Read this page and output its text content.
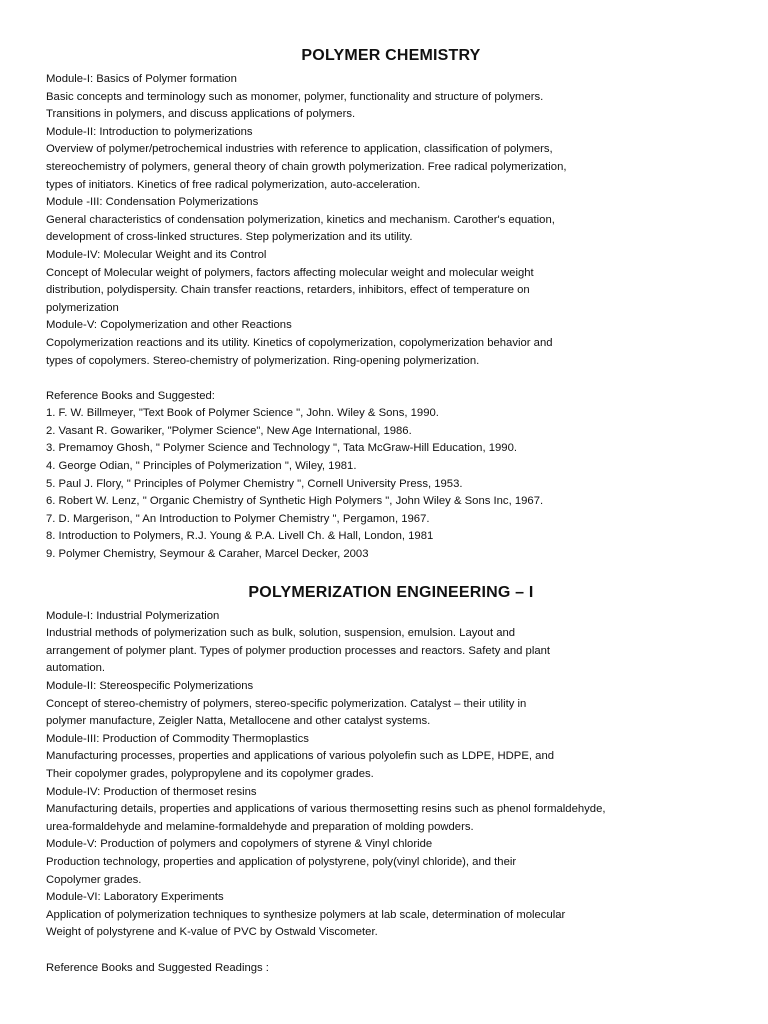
POLYMER CHEMISTRY
Module-I: Basics of Polymer formation
Basic concepts and terminology such as monomer, polymer, functionality and structure of polymers.
Transitions in polymers, and discuss applications of polymers.
Module-II: Introduction to polymerizations
Overview of polymer/petrochemical industries with reference to application, classification of polymers,
stereochemistry of polymers, general theory of chain growth polymerization. Free radical polymerization,
types of initiators. Kinetics of free radical polymerization, auto-acceleration.
Module -III: Condensation Polymerizations
General characteristics of condensation polymerization, kinetics and mechanism. Carother's equation,
development of cross-linked structures. Step polymerization and its utility.
Module-IV: Molecular Weight and its Control
Concept of Molecular weight of polymers, factors affecting molecular weight and molecular weight
distribution, polydispersity. Chain transfer reactions, retarders, inhibitors, effect of temperature on
polymerization
Module-V: Copolymerization and other Reactions
Copolymerization reactions and its utility. Kinetics of copolymerization, copolymerization behavior and
types of copolymers. Stereo-chemistry of polymerization. Ring-opening polymerization.
Reference Books and Suggested:
1. F. W. Billmeyer, "Text Book of Polymer Science ", John. Wiley & Sons, 1990.
2. Vasant R. Gowariker, "Polymer Science", New Age International, 1986.
3. Premamoy Ghosh, " Polymer Science and Technology ", Tata McGraw-Hill Education, 1990.
4. George Odian, " Principles of Polymerization ", Wiley, 1981.
5. Paul J. Flory, " Principles of Polymer Chemistry ", Cornell University Press, 1953.
6. Robert W. Lenz, " Organic Chemistry of Synthetic High Polymers ", John Wiley & Sons Inc, 1967.
7. D. Margerison, " An Introduction to Polymer Chemistry ", Pergamon, 1967.
8. Introduction to Polymers, R.J. Young & P.A. Livell Ch. & Hall, London, 1981
9. Polymer Chemistry, Seymour & Caraher, Marcel Decker, 2003
POLYMERIZATION ENGINEERING – I
Module-I: Industrial Polymerization
Industrial methods of polymerization such as bulk, solution, suspension, emulsion. Layout and
arrangement of polymer plant. Types of polymer production processes and reactors. Safety and plant
automation.
Module-II: Stereospecific Polymerizations
Concept of stereo-chemistry of polymers, stereo-specific polymerization. Catalyst – their utility in
polymer manufacture, Zeigler Natta, Metallocene and other catalyst systems.
Module-III: Production of Commodity Thermoplastics
Manufacturing processes, properties and applications of various polyolefin such as LDPE, HDPE, and
Their copolymer grades, polypropylene and its copolymer grades.
Module-IV: Production of thermoset resins
Manufacturing details, properties and applications of various thermosetting resins such as phenol formaldehyde,
urea-formaldehyde and melamine-formaldehyde and preparation of molding powders.
Module-V: Production of polymers and copolymers of styrene & Vinyl chloride
Production technology, properties and application of polystyrene, poly(vinyl chloride), and their
Copolymer grades.
Module-VI: Laboratory Experiments
Application of polymerization techniques to synthesize polymers at lab scale, determination of molecular
Weight of polystyrene and K-value of PVC by Ostwald Viscometer.
Reference Books and Suggested Readings :
